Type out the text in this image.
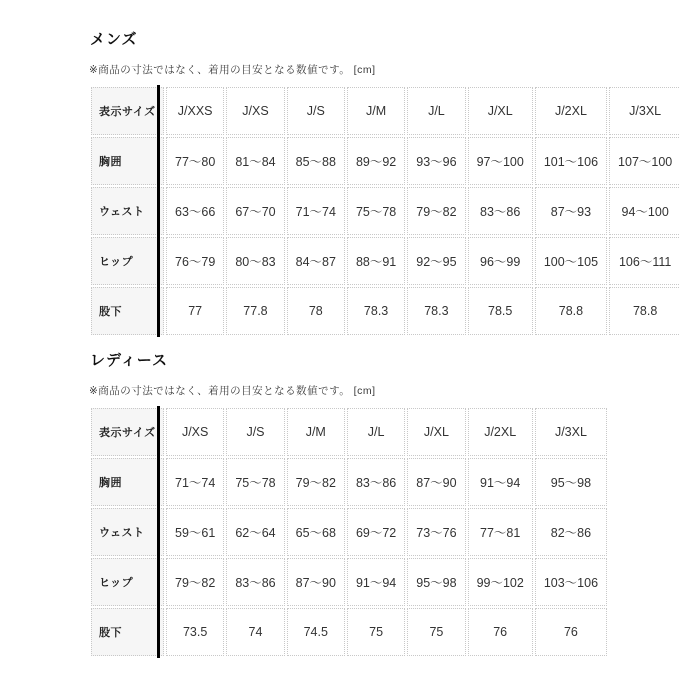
メンズ

※商品の寸法ではなく、着用の目安となる数値です。 [cm]

表示サイズ	J/XXS	J/XS	J/S	J/M	J/L	J/XL	J/2XL	J/3XL
胸囲	77〜80	81〜84	85〜88	89〜92	93〜96	97〜100	101〜106	107〜100
ウェスト	63〜66	67〜70	71〜74	75〜78	79〜82	83〜86	87〜93	94〜100
ヒップ	76〜79	80〜83	84〜87	88〜91	92〜95	96〜99	100〜105	106〜111
股下	77	77.8	78	78.3	78.3	78.5	78.8	78.8
レディース

※商品の寸法ではなく、着用の目安となる数値です。 [cm]

表示サイズ	J/XS	J/S	J/M	J/L	J/XL	J/2XL	J/3XL
胸囲	71〜74	75〜78	79〜82	83〜86	87〜90	91〜94	95〜98
ウェスト	59〜61	62〜64	65〜68	69〜72	73〜76	77〜81	82〜86
ヒップ	79〜82	83〜86	87〜90	91〜94	95〜98	99〜102	103〜106
股下	73.5	74	74.5	75	75	76	76
